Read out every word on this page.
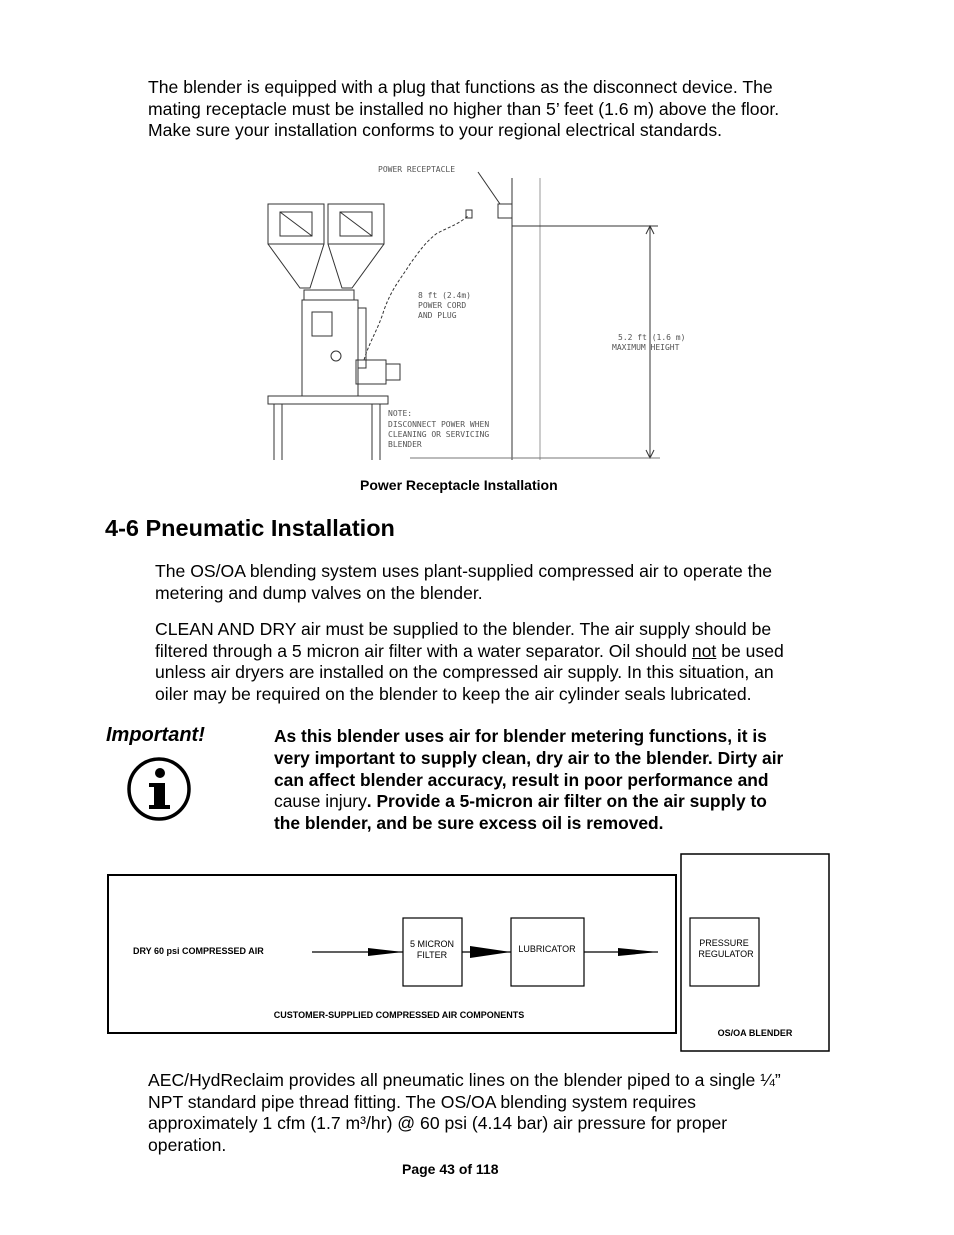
The blender is equipped with a plug that functions as the disconnect device. The

mating receptacle must be installed no higher than 5’ feet (1.6 m) above the floor.

Make sure your installation conforms to your regional electrical standards.

POWER RECEPTACLE
8 ft (2.4m)
POWER CORD
AND PLUG
5.2 ft (1.6 m)
MAXIMUM HEIGHT
NOTE:
DISCONNECT POWER WHEN
CLEANING OR SERVICING
BLENDER
Power Receptacle Installation
4-6 Pneumatic Installation

The OS/OA blending system uses plant-supplied compressed air to operate the

metering and dump valves on the blender.

CLEAN AND DRY air must be supplied to the blender. The air supply should be

filtered through a 5 micron air filter with a water separator. Oil should not be used

unless air dryers are installed on the compressed air supply. In this situation, an

oiler may be required on the blender to keep the air cylinder seals lubricated.

Important!	As this blender uses air for blender metering functions, it is
very important to supply clean, dry air to the blender. Dirty air
can affect blender accuracy, result in poor performance and
cause injury. Provide a 5-micron air filter on the air supply to
the blender, and be sure excess oil is removed.
DRY 60 psi COMPRESSED AIR
5 MICRON
FILTER
LUBRICATOR
PRESSURE
REGULATOR
CUSTOMER-SUPPLIED COMPRESSED AIR COMPONENTS
OS/OA BLENDER

AEC/HydReclaim provides all pneumatic lines on the blender piped to a single ¼”

NPT standard pipe thread fitting. The OS/OA blending system requires

approximately 1 cfm (1.7 m³/hr) @ 60 psi (4.14 bar) air pressure for proper

operation.

Page 43 of 118
